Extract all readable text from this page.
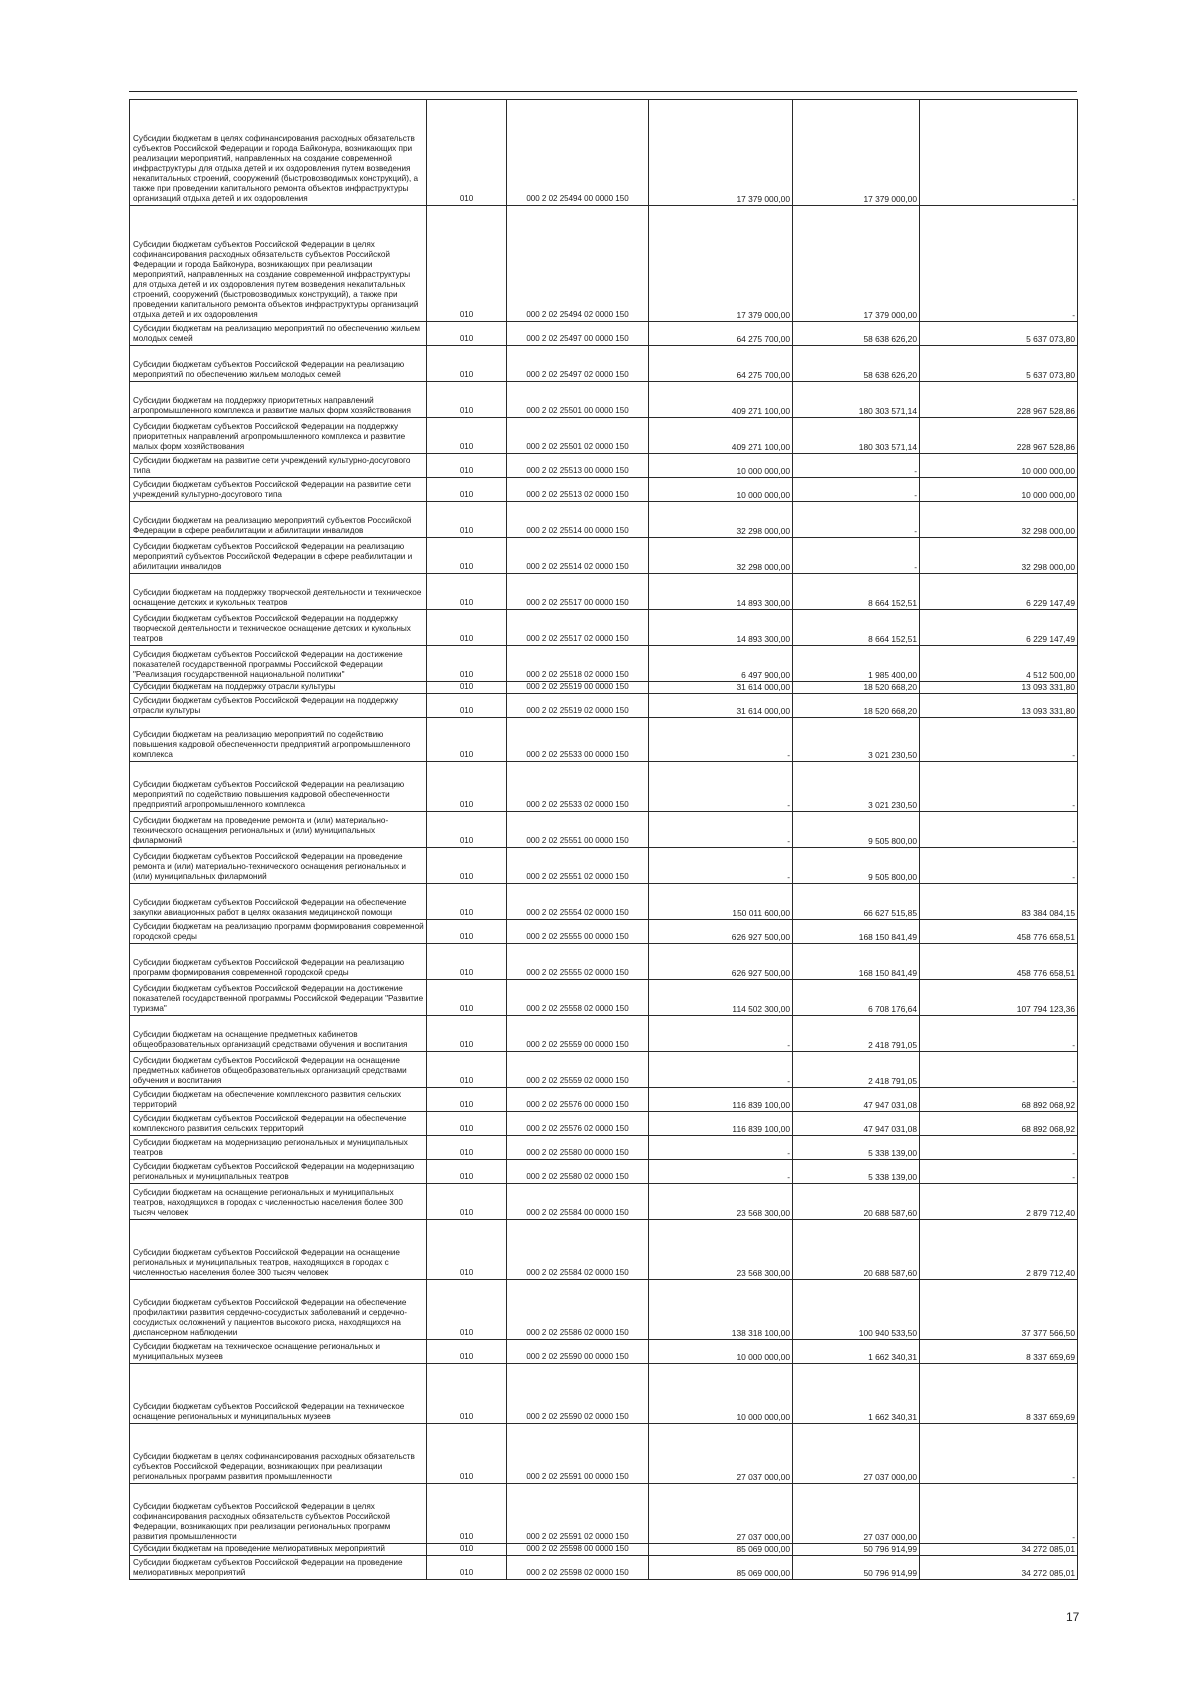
Субсидии бюджетам в целях софинансирования расходных обязательств субъектов Российской Федерации и города Байконура, возникающих при реализации мероприятий, направленных на создание современной инфраструктуры для отдыха детей и их оздоровления путем возведения некапитальных строений, сооружений (быстровозводимых конструкций), а также при проведении капитального ремонта объектов инфраструктуры организаций отдыха детей и их оздоровления	010	000 2 02 25494 00 0000 150	17 379 000,00	17 379 000,00	-
Субсидии бюджетам субъектов Российской Федерации в целях софинансирования расходных обязательств субъектов Российской Федерации и города Байконура, возникающих при реализации мероприятий, направленных на создание современной инфраструктуры для отдыха детей и их оздоровления путем возведения некапитальных строений, сооружений (быстровозводимых конструкций), а также при проведении капитального ремонта объектов инфраструктуры организаций отдыха детей и их оздоровления	010	000 2 02 25494 02 0000 150	17 379 000,00	17 379 000,00	-
Субсидии бюджетам на реализацию мероприятий по обеспечению жильем молодых семей	010	000 2 02 25497 00 0000 150	64 275 700,00	58 638 626,20	5 637 073,80
Субсидии бюджетам субъектов Российской Федерации на реализацию мероприятий по обеспечению жильем молодых семей	010	000 2 02 25497 02 0000 150	64 275 700,00	58 638 626,20	5 637 073,80
Субсидии бюджетам на поддержку приоритетных направлений агропромышленного комплекса и развитие малых форм хозяйствования	010	000 2 02 25501 00 0000 150	409 271 100,00	180 303 571,14	228 967 528,86
Субсидии бюджетам субъектов Российской Федерации на поддержку приоритетных направлений агропромышленного комплекса и развитие малых форм хозяйствования	010	000 2 02 25501 02 0000 150	409 271 100,00	180 303 571,14	228 967 528,86
Субсидии бюджетам на развитие сети учреждений культурно-досугового типа	010	000 2 02 25513 00 0000 150	10 000 000,00	-	10 000 000,00
Субсидии бюджетам субъектов Российской Федерации на развитие сети учреждений культурно-досугового типа	010	000 2 02 25513 02 0000 150	10 000 000,00	-	10 000 000,00
Субсидии бюджетам на реализацию мероприятий субъектов Российской Федерации в сфере реабилитации и абилитации инвалидов	010	000 2 02 25514 00 0000 150	32 298 000,00	-	32 298 000,00
Субсидии бюджетам субъектов Российской Федерации на реализацию мероприятий субъектов Российской Федерации в сфере реабилитации и абилитации инвалидов	010	000 2 02 25514 02 0000 150	32 298 000,00	-	32 298 000,00
Субсидии бюджетам на поддержку творческой деятельности и техническое оснащение детских и кукольных театров	010	000 2 02 25517 00 0000 150	14 893 300,00	8 664 152,51	6 229 147,49
Субсидии бюджетам субъектов Российской Федерации на поддержку творческой деятельности и техническое оснащение детских и кукольных театров	010	000 2 02 25517 02 0000 150	14 893 300,00	8 664 152,51	6 229 147,49
Субсидия бюджетам субъектов Российской Федерации на достижение показателей государственной программы Российской Федерации "Реализация государственной национальной политики"	010	000 2 02 25518 02 0000 150	6 497 900,00	1 985 400,00	4 512 500,00
Субсидии бюджетам на поддержку отрасли культуры	010	000 2 02 25519 00 0000 150	31 614 000,00	18 520 668,20	13 093 331,80
Субсидии бюджетам субъектов Российской Федерации на поддержку отрасли культуры	010	000 2 02 25519 02 0000 150	31 614 000,00	18 520 668,20	13 093 331,80
Субсидии бюджетам на реализацию мероприятий по содействию повышения кадровой обеспеченности предприятий агропромышленного комплекса	010	000 2 02 25533 00 0000 150	-	3 021 230,50	-
Субсидии бюджетам субъектов Российской Федерации на реализацию мероприятий по содействию повышения кадровой обеспеченности предприятий агропромышленного комплекса	010	000 2 02 25533 02 0000 150	-	3 021 230,50	-
Субсидии бюджетам на проведение ремонта и (или) материально-технического оснащения региональных и (или) муниципальных филармоний	010	000 2 02 25551 00 0000 150	-	9 505 800,00	-
Субсидии бюджетам субъектов Российской Федерации на проведение ремонта и (или) материально-технического оснащения региональных и (или) муниципальных филармоний	010	000 2 02 25551 02 0000 150	-	9 505 800,00	-
Субсидии бюджетам субъектов Российской Федерации на обеспечение закупки авиационных работ в целях оказания медицинской помощи	010	000 2 02 25554 02 0000 150	150 011 600,00	66 627 515,85	83 384 084,15
Субсидии бюджетам на реализацию программ формирования современной городской среды	010	000 2 02 25555 00 0000 150	626 927 500,00	168 150 841,49	458 776 658,51
Субсидии бюджетам субъектов Российской Федерации на реализацию программ формирования современной городской среды	010	000 2 02 25555 02 0000 150	626 927 500,00	168 150 841,49	458 776 658,51
Субсидии бюджетам субъектов Российской Федерации на достижение показателей государственной программы Российской Федерации "Развитие туризма"	010	000 2 02 25558 02 0000 150	114 502 300,00	6 708 176,64	107 794 123,36
Субсидии бюджетам на оснащение предметных кабинетов общеобразовательных организаций средствами обучения и воспитания	010	000 2 02 25559 00 0000 150	-	2 418 791,05	-
Субсидии бюджетам субъектов Российской Федерации на оснащение предметных кабинетов общеобразовательных организаций средствами обучения и воспитания	010	000 2 02 25559 02 0000 150	-	2 418 791,05	-
Субсидии бюджетам на обеспечение комплексного развития сельских территорий	010	000 2 02 25576 00 0000 150	116 839 100,00	47 947 031,08	68 892 068,92
Субсидии бюджетам субъектов Российской Федерации на обеспечение комплексного развития сельских территорий	010	000 2 02 25576 02 0000 150	116 839 100,00	47 947 031,08	68 892 068,92
Субсидии бюджетам на модернизацию региональных и муниципальных театров	010	000 2 02 25580 00 0000 150	-	5 338 139,00	-
Субсидии бюджетам субъектов Российской Федерации на модернизацию региональных и муниципальных театров	010	000 2 02 25580 02 0000 150	-	5 338 139,00	-
Субсидии бюджетам на оснащение региональных и муниципальных театров, находящихся в городах с численностью населения более 300 тысяч человек	010	000 2 02 25584 00 0000 150	23 568 300,00	20 688 587,60	2 879 712,40
Субсидии бюджетам субъектов Российской Федерации на оснащение региональных и муниципальных театров, находящихся в городах с численностью населения более 300 тысяч человек	010	000 2 02 25584 02 0000 150	23 568 300,00	20 688 587,60	2 879 712,40
Субсидии бюджетам субъектов Российской Федерации на обеспечение профилактики развития сердечно-сосудистых заболеваний и сердечно-сосудистых осложнений у пациентов высокого риска, находящихся на диспансерном наблюдении	010	000 2 02 25586 02 0000 150	138 318 100,00	100 940 533,50	37 377 566,50
Субсидии бюджетам на техническое оснащение региональных и муниципальных музеев	010	000 2 02 25590 00 0000 150	10 000 000,00	1 662 340,31	8 337 659,69
Субсидии бюджетам субъектов Российской Федерации на техническое оснащение региональных и муниципальных музеев	010	000 2 02 25590 02 0000 150	10 000 000,00	1 662 340,31	8 337 659,69
Субсидии бюджетам в целях софинансирования расходных обязательств субъектов Российской Федерации, возникающих при реализации региональных программ развития промышленности	010	000 2 02 25591 00 0000 150	27 037 000,00	27 037 000,00	-
Субсидии бюджетам субъектов Российской Федерации в целях софинансирования расходных обязательств субъектов Российской Федерации, возникающих при реализации региональных программ развития промышленности	010	000 2 02 25591 02 0000 150	27 037 000,00	27 037 000,00	-
Субсидии бюджетам на проведение мелиоративных мероприятий	010	000 2 02 25598 00 0000 150	85 069 000,00	50 796 914,99	34 272 085,01
Субсидии бюджетам субъектов Российской Федерации на проведение мелиоративных мероприятий	010	000 2 02 25598 02 0000 150	85 069 000,00	50 796 914,99	34 272 085,01
17
